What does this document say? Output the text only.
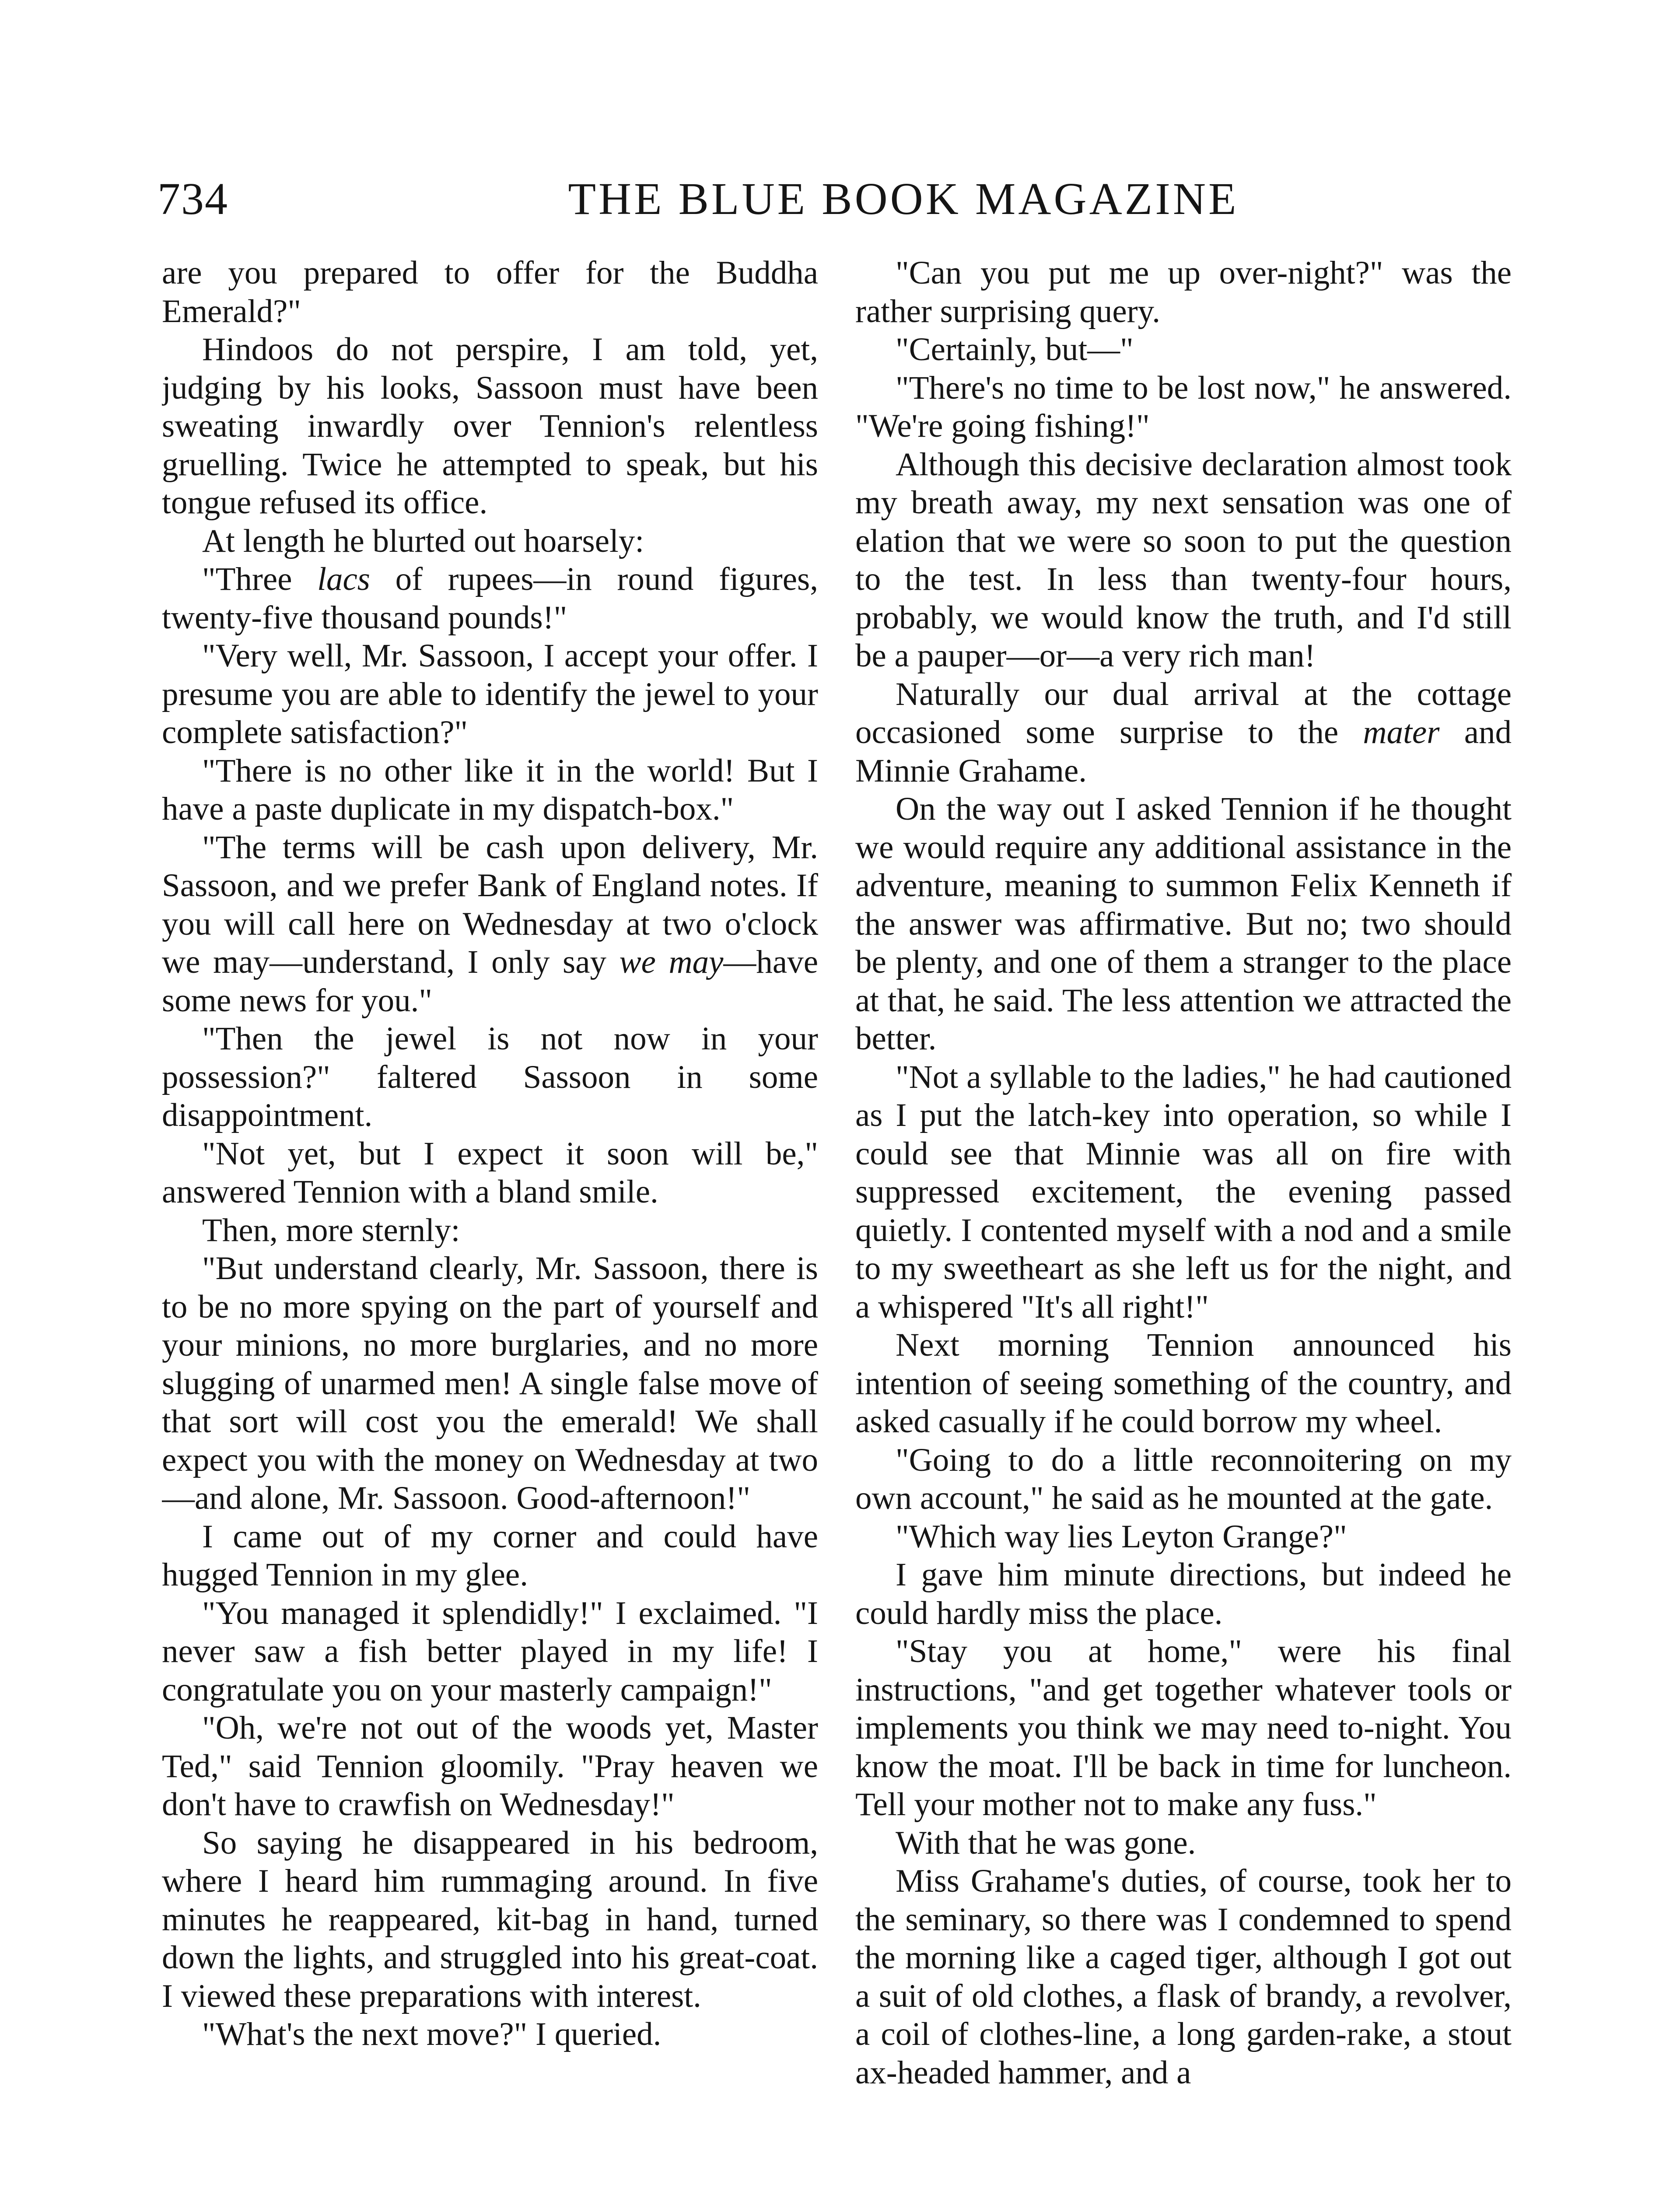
734	THE BLUE BOOK MAGAZINE

are you prepared to offer for the Buddha Emerald?"

Hindoos do not perspire, I am told, yet, judging by his looks, Sassoon must have been sweating inwardly over Tennion's relentless gruelling. Twice he attempted to speak, but his tongue refused its office.

At length he blurted out hoarsely:

"Three lacs of rupees—in round figures, twenty-five thousand pounds!"

"Very well, Mr. Sassoon, I accept your offer. I presume you are able to identify the jewel to your complete satisfaction?"

"There is no other like it in the world! But I have a paste duplicate in my dispatch-box."

"The terms will be cash upon delivery, Mr. Sassoon, and we prefer Bank of England notes. If you will call here on Wednesday at two o'clock we may—understand, I only say we may—have some news for you."

"Then the jewel is not now in your possession?" faltered Sassoon in some disappointment.

"Not yet, but I expect it soon will be," answered Tennion with a bland smile.

Then, more sternly:

"But understand clearly, Mr. Sassoon, there is to be no more spying on the part of yourself and your minions, no more burglaries, and no more slugging of unarmed men! A single false move of that sort will cost you the emerald! We shall expect you with the money on Wednesday at two—and alone, Mr. Sassoon. Good-afternoon!"

I came out of my corner and could have hugged Tennion in my glee.

"You managed it splendidly!" I exclaimed. "I never saw a fish better played in my life! I congratulate you on your masterly campaign!"

"Oh, we're not out of the woods yet, Master Ted," said Tennion gloomily. "Pray heaven we don't have to crawfish on Wednesday!"

So saying he disappeared in his bedroom, where I heard him rummaging around. In five minutes he reappeared, kit-bag in hand, turned down the lights, and struggled into his great-coat. I viewed these preparations with interest.

"What's the next move?" I queried.

"Can you put me up over-night?" was the rather surprising query.

"Certainly, but—"

"There's no time to be lost now," he answered. "We're going fishing!"

Although this decisive declaration almost took my breath away, my next sensation was one of elation that we were so soon to put the question to the test. In less than twenty-four hours, probably, we would know the truth, and I'd still be a pauper—or—a very rich man!

Naturally our dual arrival at the cottage occasioned some surprise to the mater and Minnie Grahame.

On the way out I asked Tennion if he thought we would require any additional assistance in the adventure, meaning to summon Felix Kenneth if the answer was affirmative. But no; two should be plenty, and one of them a stranger to the place at that, he said. The less attention we attracted the better.

"Not a syllable to the ladies," he had cautioned as I put the latch-key into operation, so while I could see that Minnie was all on fire with suppressed excitement, the evening passed quietly. I contented myself with a nod and a smile to my sweetheart as she left us for the night, and a whispered "It's all right!"

Next morning Tennion announced his intention of seeing something of the country, and asked casually if he could borrow my wheel.

"Going to do a little reconnoitering on my own account," he said as he mounted at the gate.

"Which way lies Leyton Grange?"

I gave him minute directions, but indeed he could hardly miss the place.

"Stay you at home," were his final instructions, "and get together whatever tools or implements you think we may need to-night. You know the moat. I'll be back in time for luncheon. Tell your mother not to make any fuss."

With that he was gone.

Miss Grahame's duties, of course, took her to the seminary, so there was I condemned to spend the morning like a caged tiger, although I got out a suit of old clothes, a flask of brandy, a revolver, a coil of clothes-line, a long garden-rake, a stout ax-headed hammer, and a
